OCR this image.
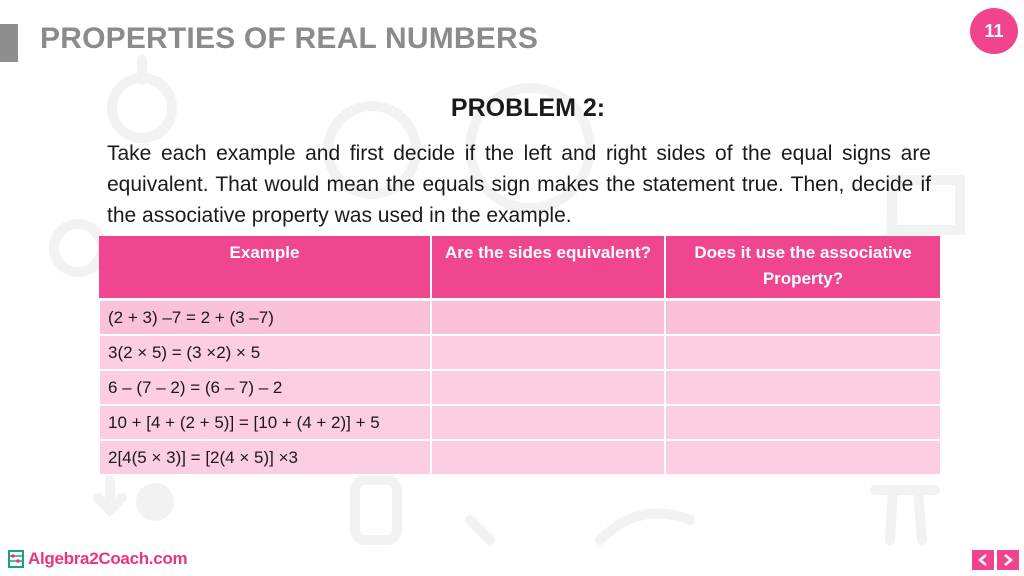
PROPERTIES OF REAL NUMBERS	11
PROBLEM 2:
Take each example and first decide if the left and right sides of the equal signs are equivalent. That would mean the equals sign makes the statement true. Then, decide if the associative property was used in the example.
Example	Are the sides equivalent?	Does it use the associative Property?
(2 + 3) –7 = 2 + (3 –7)		
3(2 × 5) = (3 ×2) × 5		
6 – (7 – 2) = (6 – 7) – 2		
10 + [4 + (2 + 5)] = [10 + (4 + 2)] + 5		
2[4(5 × 3)] = [2(4 × 5)] ×3		
Algebra2Coach.com
